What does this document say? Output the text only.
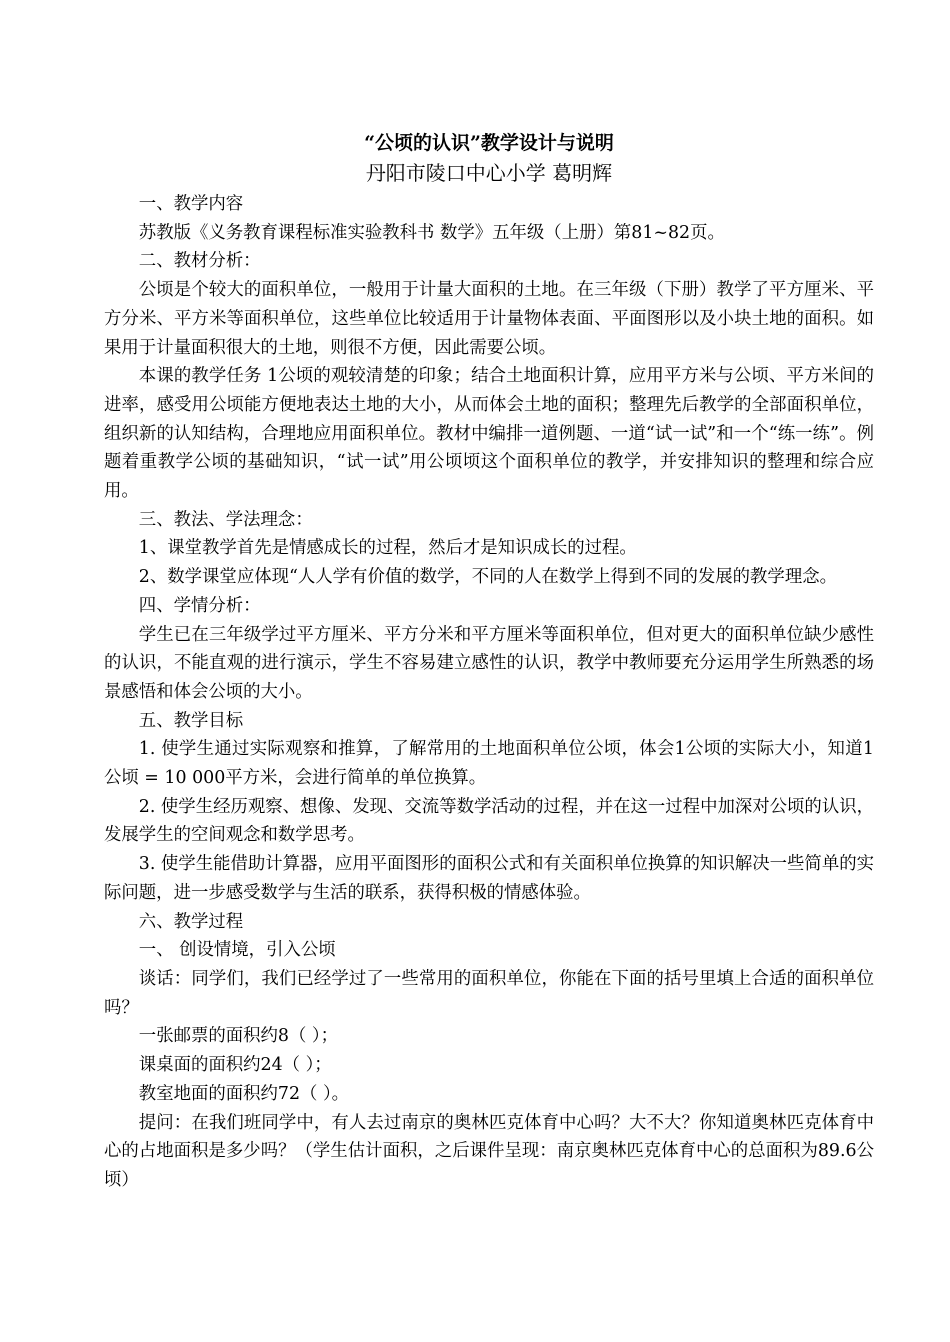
“公顷的认识”教学设计与说明

丹阳市陵口中心小学 葛明辉

一、教学内容

苏教版《义务教育课程标准实验教科书 数学》五年级（上册）第81~82页。

二、教材分析：

公顷是个较大的面积单位，一般用于计量大面积的土地。在三年级（下册）教学了平方厘米、平方分米、平方米等面积单位，这些单位比较适用于计量物体表面、平面图形以及小块土地的面积。如果用于计量面积很大的土地，则很不方便，因此需要公顷。

本课的教学任务 1公顷的观较清楚的印象；结合土地面积计算，应用平方米与公顷、平方米间的进率，感受用公顷能方便地表达土地的大小，从而体会土地的面积；整理先后教学的全部面积单位，组织新的认知结构，合理地应用面积单位。教材中编排一道例题、一道“试一试”和一个“练一练”。例题着重教学公顷的基础知识，“试一试”用公顷顷这个面积单位的教学，并安排知识的整理和综合应用。

三、教法、学法理念：

1、课堂教学首先是情感成长的过程，然后才是知识成长的过程。

2、数学课堂应体现“人人学有价值的数学，不同的人在数学上得到不同的发展的教学理念。

四、学情分析：

学生已在三年级学过平方厘米、平方分米和平方厘米等面积单位，但对更大的面积单位缺少感性的认识，不能直观的进行演示，学生不容易建立感性的认识，教学中教师要充分运用学生所熟悉的场景感悟和体会公顷的大小。

五、教学目标

1. 使学生通过实际观察和推算，了解常用的土地面积单位公顷，体会1公顷的实际大小，知道1公顷 = 10 000平方米，会进行简单的单位换算。

2. 使学生经历观察、想像、发现、交流等数学活动的过程，并在这一过程中加深对公顷的认识，发展学生的空间观念和数学思考。

3. 使学生能借助计算器，应用平面图形的面积公式和有关面积单位换算的知识解决一些简单的实际问题，进一步感受数学与生活的联系，获得积极的情感体验。

六、教学过程

一、 创设情境，引入公顷

谈话：同学们，我们已经学过了一些常用的面积单位，你能在下面的括号里填上合适的面积单位吗？

一张邮票的面积约8（ ）；

课桌面的面积约24（ ）；

教室地面的面积约72（ ）。

提问：在我们班同学中，有人去过南京的奥林匹克体育中心吗？大不大？你知道奥林匹克体育中心的占地面积是多少吗？（学生估计面积，之后课件呈现：南京奥林匹克体育中心的总面积为89.6公顷）
